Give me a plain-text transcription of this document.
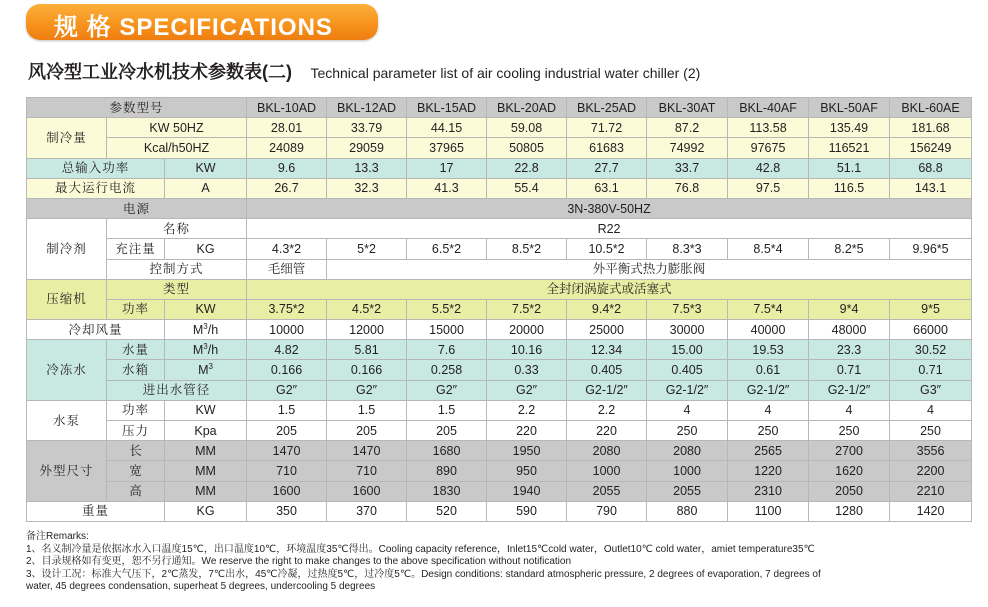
规 格 SPECIFICATIONS
风冷型工业冷水机技术参数表(二) Technical parameter list of air cooling industrial water chiller (2)
参数型号			BKL-10AD	BKL-12AD	BKL-15AD	BKL-20AD	BKL-25AD	BKL-30AT	BKL-40AF	BKL-50AF	BKL-60AE
制冷量	KW 50HZ		28.01	33.79	44.15	59.08	71.72	87.2	113.58	135.49	181.68
	Kcal/h50HZ		24089	29059	37965	50805	61683	74992	97675	116521	156249
总输入功率		KW	9.6	13.3	17	22.8	27.7	33.7	42.8	51.1	68.8
最大运行电流		A	26.7	32.3	41.3	55.4	63.1	76.8	97.5	116.5	143.1
电源			3N-380V-50HZ								
制冷剂	名称		R22								
	充注量	KG	4.3*2	5*2	6.5*2	8.5*2	10.5*2	8.3*3	8.5*4	8.2*5	9.96*5
	控制方式		毛细管	外平衡式热力膨胀阀							
压缩机	类型		全封闭涡旋式或活塞式								
	功率	KW	3.75*2	4.5*2	5.5*2	7.5*2	9.4*2	7.5*3	7.5*4	9*4	9*5
冷却风量		$M^3/h$	10000	12000	15000	20000	25000	30000	40000	48000	66000
冷冻水	水量	$M^3/h$	4.82	5.81	7.6	10.16	12.34	15.00	19.53	23.3	30.52
	水箱	$M^3$	0.166	0.166	0.258	0.33	0.405	0.405	0.61	0.71	0.71
	进出水管径		G2″	G2″	G2″	G2″	G2-1/2″	G2-1/2″	G2-1/2″	G2-1/2″	G3″
水泵	功率	KW	1.5	1.5	1.5	2.2	2.2	4	4	4	4
	压力	Kpa	205	205	205	220	220	250	250	250	250
外型尺寸	长	MM	1470	1470	1680	1950	2080	2080	2565	2700	3556
	宽	MM	710	710	890	950	1000	1000	1220	1620	2200
	高	MM	1600	1600	1830	1940	2055	2055	2310	2050	2210
重量		KG	350	370	520	590	790	880	1100	1280	1420
备注Remarks:
1、名义制冷量是依据冰水入口温度15℃，出口温度10℃，环境温度35℃得出。Cooling capacity reference，Inlet15℃cold water，Outlet10℃ cold water，amiet temperature35℃
2、目录规格如有变更，恕不另行通知。We reserve the right to make changes to the above specification without notification
3、设计工况：标准大气压下，2℃蒸发，7℃出水，45℃冷凝，过热度5℃，过冷度5℃。Design conditions: standard atmospheric pressure, 2 degrees of evaporation, 7 degrees of
water, 45 degrees condensation, superheat 5 degrees, undercooling 5 degrees
